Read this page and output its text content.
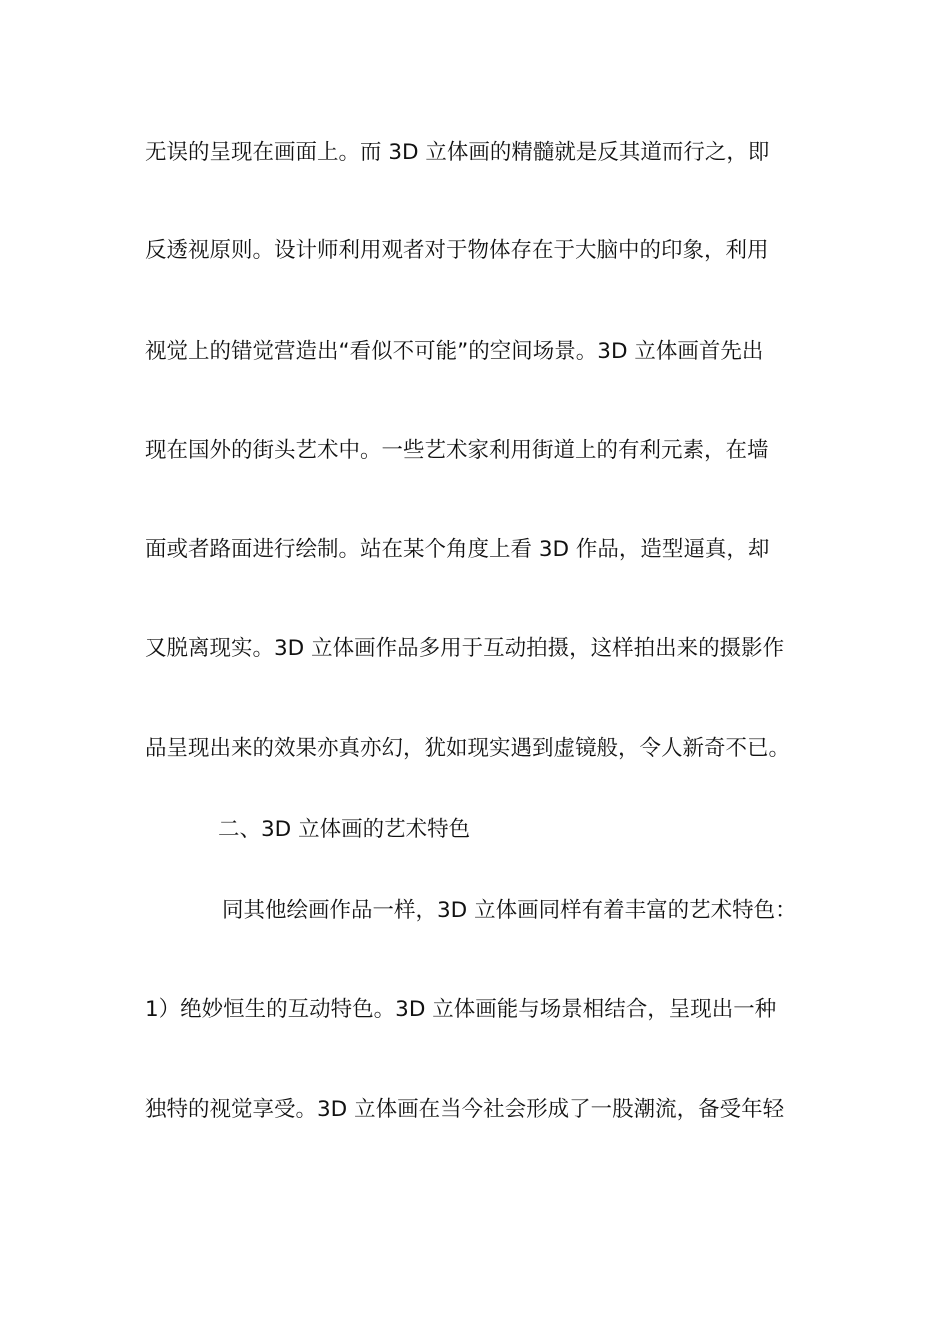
无误的呈现在画面上。而 3D 立体画的精髓就是反其道而行之，即
反透视原则。设计师利用观者对于物体存在于大脑中的印象，利用
视觉上的错觉营造出“看似不可能”的空间场景。3D 立体画首先出
现在国外的街头艺术中。一些艺术家利用街道上的有利元素，在墙
面或者路面进行绘制。站在某个角度上看 3D 作品，造型逼真，却
又脱离现实。3D 立体画作品多用于互动拍摄，这样拍出来的摄影作
品呈现出来的效果亦真亦幻，犹如现实遇到虚镜般，令人新奇不已。
二、3D 立体画的艺术特色
同其他绘画作品一样，3D 立体画同样有着丰富的艺术特色：
1）绝妙恒生的互动特色。3D 立体画能与场景相结合，呈现出一种
独特的视觉享受。3D 立体画在当今社会形成了一股潮流，备受年轻
